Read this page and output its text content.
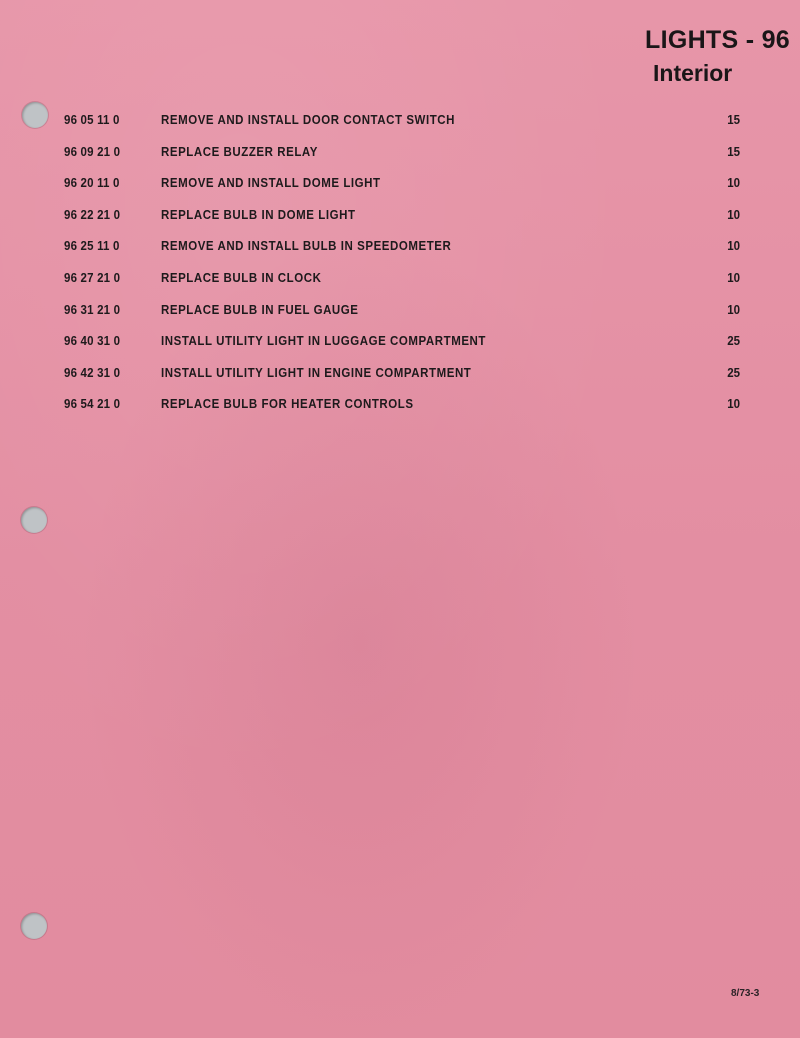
LIGHTS - 96
Interior
96 05 11 0	REMOVE AND INSTALL DOOR CONTACT SWITCH	15
96 09 21 0	REPLACE BUZZER RELAY	15
96 20 11 0	REMOVE AND INSTALL DOME LIGHT	10
96 22 21 0	REPLACE BULB IN DOME LIGHT	10
96 25 11 0	REMOVE AND INSTALL BULB IN SPEEDOMETER	10
96 27 21 0	REPLACE BULB IN CLOCK	10
96 31 21 0	REPLACE BULB IN FUEL GAUGE	10
96 40 31 0	INSTALL UTILITY LIGHT IN LUGGAGE COMPARTMENT	25
96 42 31 0	INSTALL UTILITY LIGHT IN ENGINE COMPARTMENT	25
96 54 21 0	REPLACE BULB FOR HEATER CONTROLS	10
8/73-3
